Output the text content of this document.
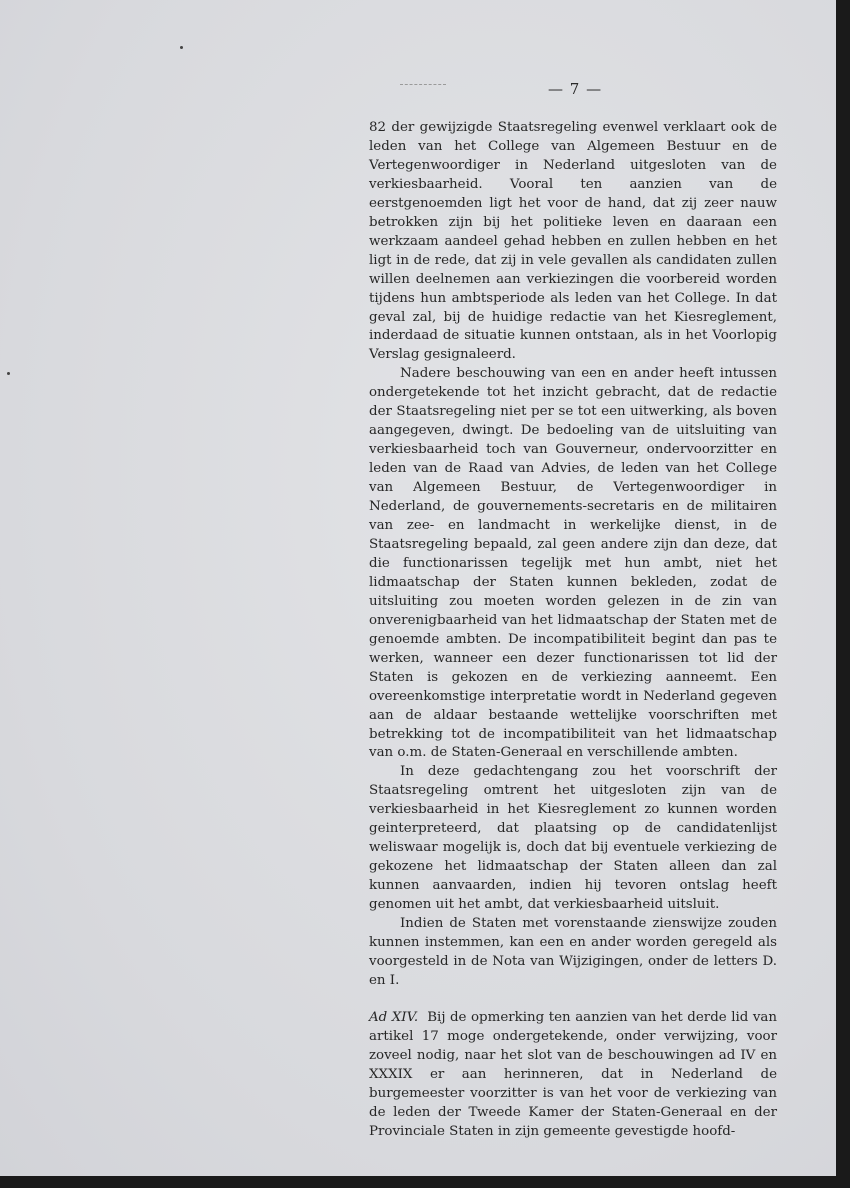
— 7 —

82 der gewijzigde Staatsregeling evenwel verklaart ook de leden van het College van Algemeen Bestuur en de Vertegenwoordiger in Nederland uitgesloten van de verkiesbaarheid. Vooral ten aanzien van de eerstgenoemden ligt het voor de hand, dat zij zeer nauw betrokken zijn bij het politieke leven en daaraan een werkzaam aandeel gehad hebben en zullen hebben en het ligt in de rede, dat zij in vele gevallen als candidaten zullen willen deelnemen aan verkiezingen die voorbereid worden tijdens hun ambtsperiode als leden van het College. In dat geval zal, bij de huidige redactie van het Kiesreglement, inderdaad de situatie kunnen ontstaan, als in het Voorlopig Verslag gesignaleerd.

Nadere beschouwing van een en ander heeft intussen ondergetekende tot het inzicht gebracht, dat de redactie der Staatsregeling niet per se tot een uitwerking, als boven aangegeven, dwingt. De bedoeling van de uitsluiting van verkiesbaarheid toch van Gouverneur, ondervoorzitter en leden van de Raad van Advies, de leden van het College van Algemeen Bestuur, de Vertegenwoordiger in Nederland, de gouvernements-secretaris en de militairen van zee- en landmacht in werkelijke dienst, in de Staatsregeling bepaald, zal geen andere zijn dan deze, dat die functionarissen tegelijk met hun ambt, niet het lidmaatschap der Staten kunnen bekleden, zodat de uitsluiting zou moeten worden gelezen in de zin van onverenigbaarheid van het lidmaatschap der Staten met de genoemde ambten. De incompatibiliteit begint dan pas te werken, wanneer een dezer functionarissen tot lid der Staten is gekozen en de verkiezing aanneemt. Een overeenkomstige interpretatie wordt in Nederland gegeven aan de aldaar bestaande wettelijke voorschriften met betrekking tot de incompatibiliteit van het lidmaatschap van o.m. de Staten-Generaal en verschillende ambten.

In deze gedachtengang zou het voorschrift der Staatsregeling omtrent het uitgesloten zijn van de verkiesbaarheid in het Kiesreglement zo kunnen worden geinterpreteerd, dat plaatsing op de candidatenlijst weliswaar mogelijk is, doch dat bij eventuele verkiezing de gekozene het lidmaatschap der Staten alleen dan zal kunnen aanvaarden, indien hij tevoren ontslag heeft genomen uit het ambt, dat verkiesbaarheid uitsluit.

Indien de Staten met vorenstaande zienswijze zouden kunnen instemmen, kan een en ander worden geregeld als voorgesteld in de Nota van Wijzigingen, onder de letters D. en I.

Ad XIV. Bij de opmerking ten aanzien van het derde lid van artikel 17 moge ondergetekende, onder verwijzing, voor zoveel nodig, naar het slot van de beschouwingen ad IV en XXXIX er aan herinneren, dat in Nederland de burgemeester voorzitter is van het voor de verkiezing van de leden der Tweede Kamer der Staten-Generaal en der Provinciale Staten in zijn gemeente gevestigde hoofd-
